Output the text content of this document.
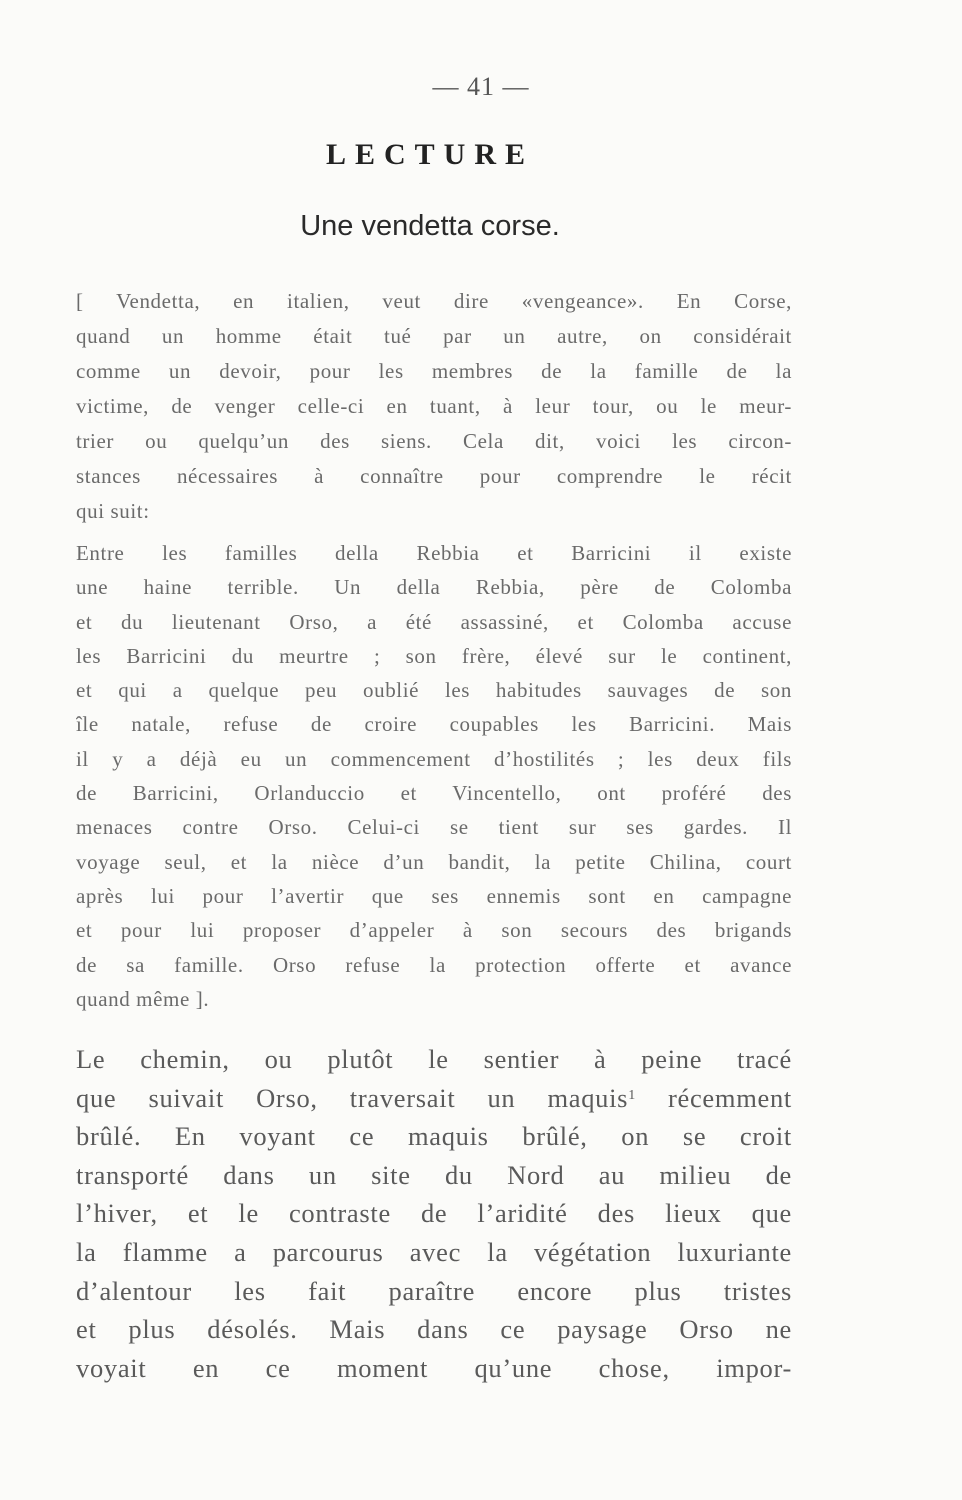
— 41 —
LECTURE
Une vendetta corse.
[ Vendetta, en italien, veut dire «vengeance». En Corse,
quand un homme était tué par un autre, on considérait
comme un devoir, pour les membres de la famille de la
victime, de venger celle-ci en tuant, à leur tour, ou le meur-
trier ou quelqu’un des siens. Cela dit, voici les circon-
stances nécessaires à connaître pour comprendre le récit
qui suit:
Entre les familles della Rebbia et Barricini il existe
une haine terrible. Un della Rebbia, père de Colomba
et du lieutenant Orso, a été assassiné, et Colomba accuse
les Barricini du meurtre ; son frère, élevé sur le continent,
et qui a quelque peu oublié les habitudes sauvages de son
île natale, refuse de croire coupables les Barricini. Mais
il y a déjà eu un commencement d’hostilités ; les deux fils
de Barricini, Orlanduccio et Vincentello, ont proféré des
menaces contre Orso. Celui-ci se tient sur ses gardes. Il
voyage seul, et la nièce d’un bandit, la petite Chilina, court
après lui pour l’avertir que ses ennemis sont en campagne
et pour lui proposer d’appeler à son secours des brigands
de sa famille. Orso refuse la protection offerte et avance
quand même ].
Le chemin, ou plutôt le sentier à peine tracé
que suivait Orso, traversait un maquis$^1$ récemment
brûlé. En voyant ce maquis brûlé, on se croit
transporté dans un site du Nord au milieu de
l’hiver, et le contraste de l’aridité des lieux que
la flamme a parcourus avec la végétation luxuriante
d’alentour les fait paraître encore plus tristes
et plus désolés. Mais dans ce paysage Orso ne
voyait en ce moment qu’une chose, impor-
